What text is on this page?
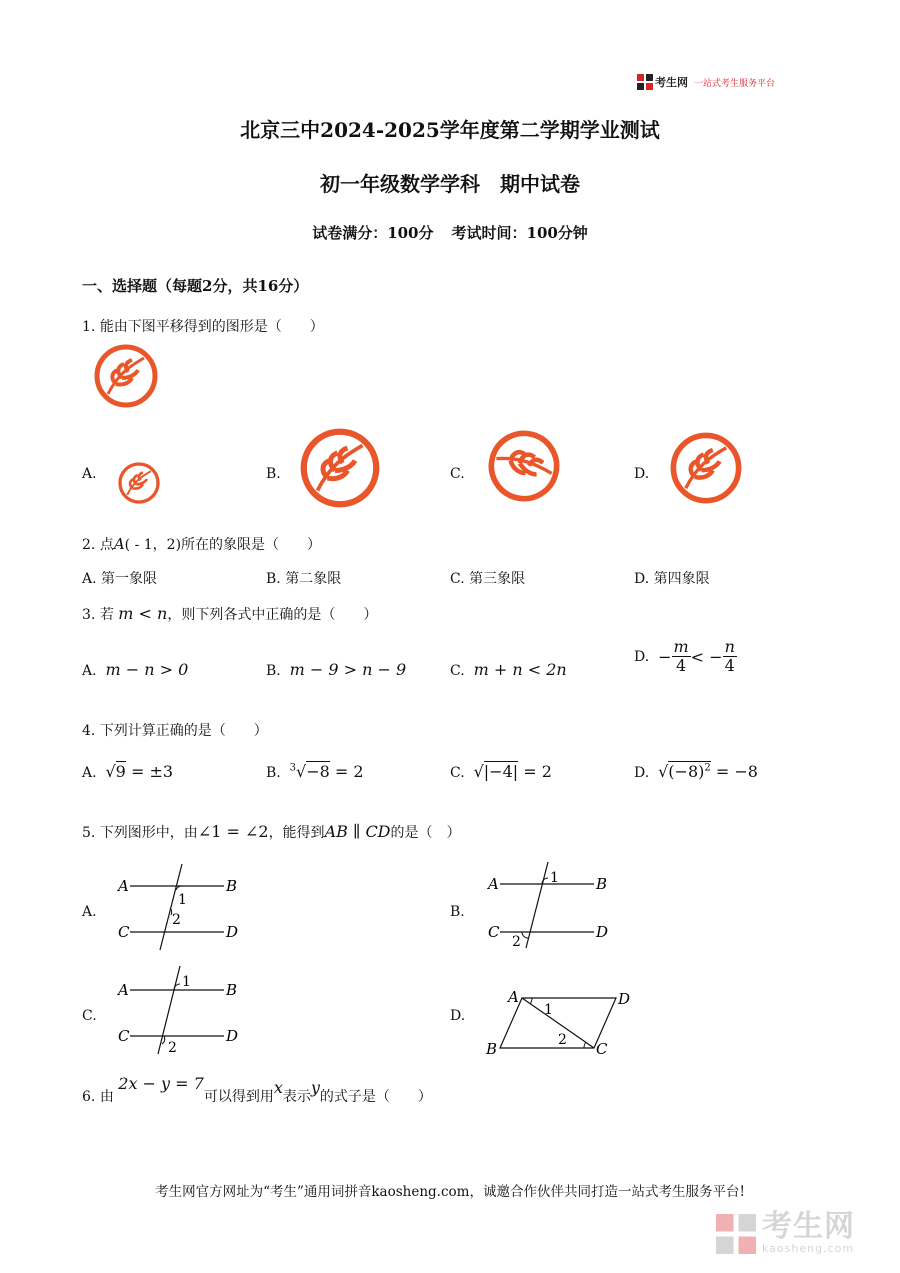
考生网 一站式考生服务平台
北京三中2024-2025学年度第二学期学业测试
初一年级数学学科　期中试卷
试卷满分：100分 考试时间：100分钟
一、选择题（每题2分，共16分）
1. 能由下图平移得到的图形是（　　）
A.	B.	C.	D.
2. 点A( - 1，2)所在的象限是（　　）
A. 第一象限	B. 第二象限	C. 第三象限	D. 第四象限
3. 若 m < n，则下列各式中正确的是（　　）
A. m − n > 0	B. m − 9 > n − 9	C. m + n < 2n
D. − $\frac{m}{4}$ < − $\frac{n}{4}$
4. 下列计算正确的是（　　）
A. √9 = ±3	B. $^3$√−8 = 2	C. √|−4| = 2	D. $√(-8)^2 = -8$
5. 下列图形中，由∠1 = ∠2，能得到AB ∥ CD的是（　）
A.
A	B
C	D
1
2	B.
A	B
C	D
1
2
C.
A	B
C	D
1
2
D.
A	D
B	C
1
2
6. 由 2x − y = 7可以得到用x表示y的式子是（　　）
考生网官方网址为“考生”通用词拼音kaosheng.com，诚邀合作伙伴共同打造一站式考生服务平台!
考生网
kaosheng.com
